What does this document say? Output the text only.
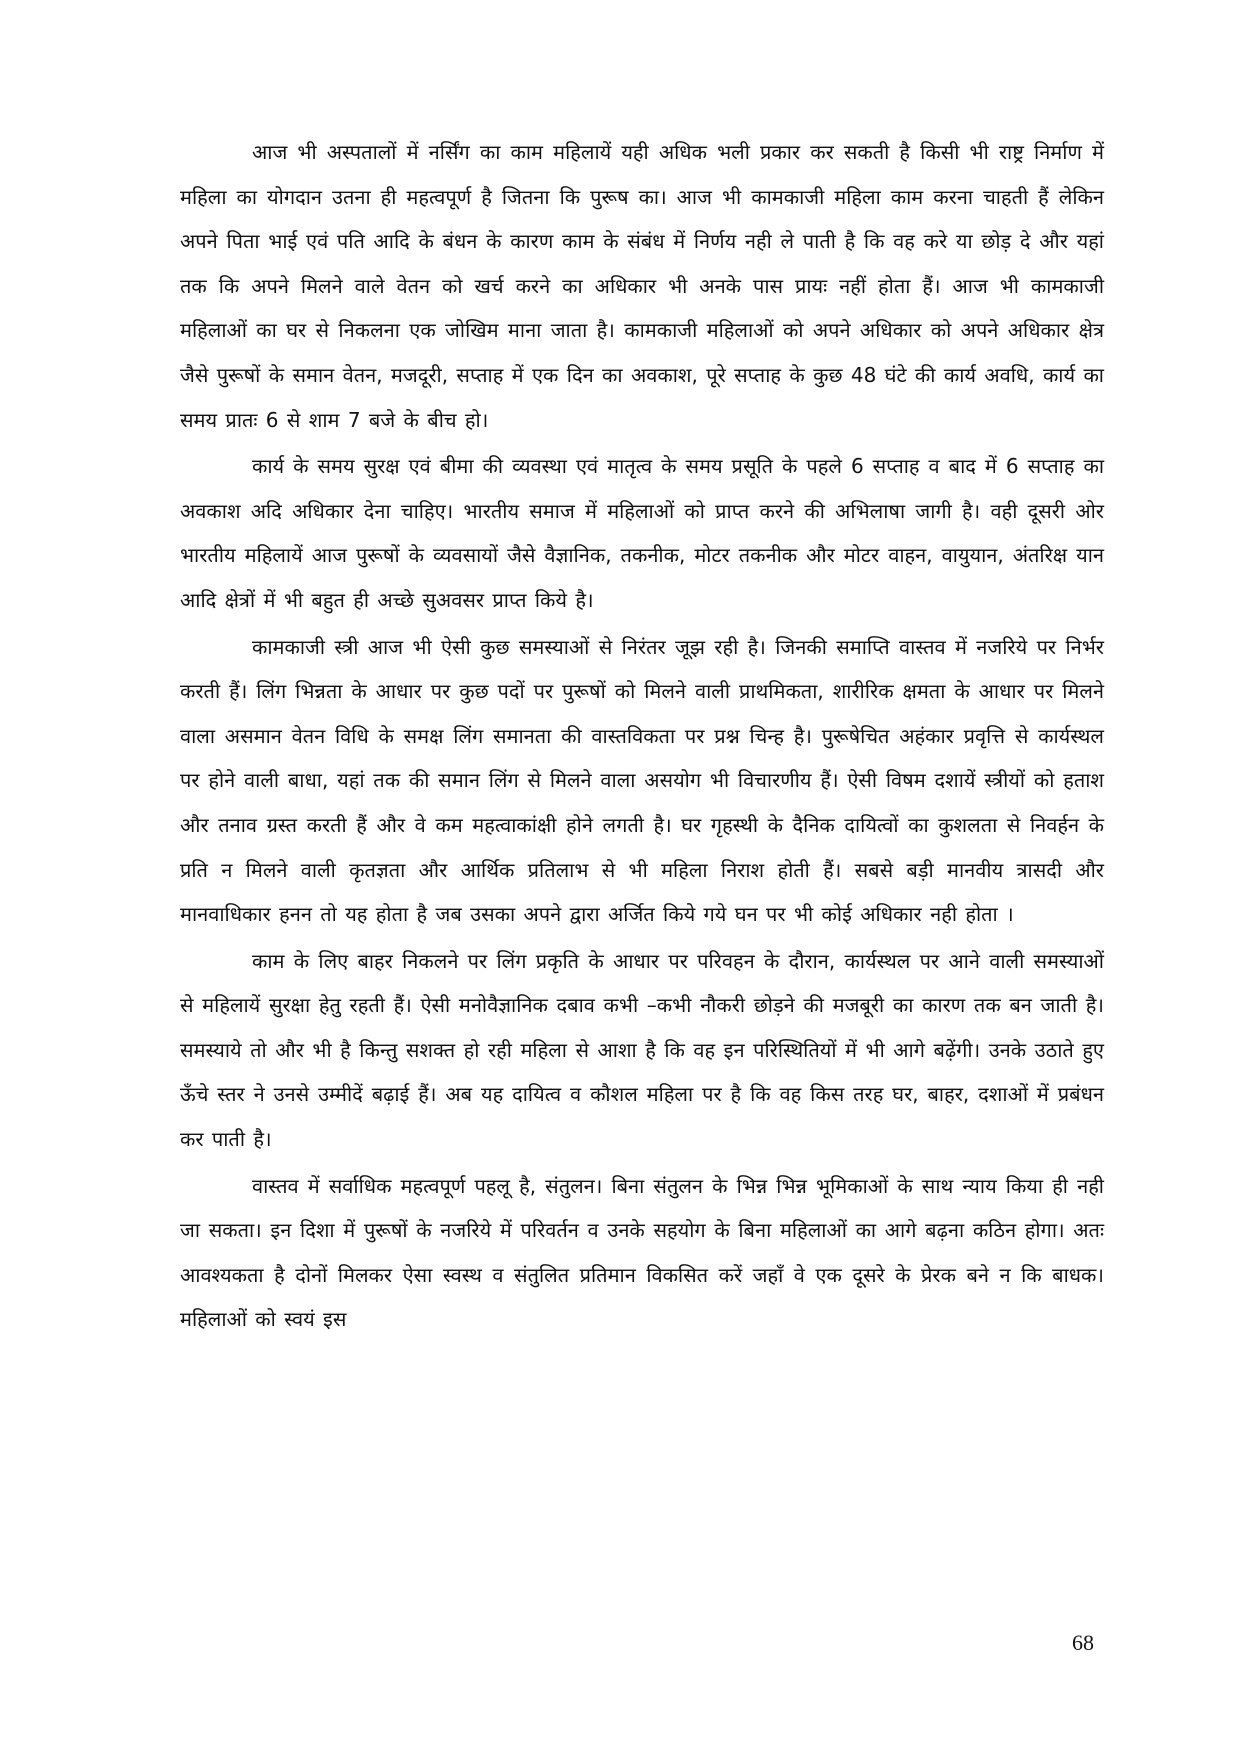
आज भी अस्पतालों में नर्सिंग का काम महिलायें यही अधिक भली प्रकार कर सकती है किसी भी राष्ट्र निर्माण में महिला का योगदान उतना ही महत्वपूर्ण है जितना कि पुरूष का। आज भी कामकाजी महिला काम करना चाहती हैं लेकिन अपने पिता भाई एवं पति आदि के बंधन के कारण काम के संबंध में निर्णय नही ले पाती है कि वह करे या छोड़ दे और यहां तक कि अपने मिलने वाले वेतन को खर्च करने का अधिकार भी अनके पास प्रायः नहीं होता हैं। आज भी कामकाजी महिलाओं का घर से निकलना एक जोखिम माना जाता है। कामकाजी महिलाओं को अपने अधिकार को अपने अधिकार क्षेत्र जैसे पुरूषों के समान वेतन, मजदूरी, सप्ताह में एक दिन का अवकाश, पूरे सप्ताह के कुछ 48 घंटे की कार्य अवधि, कार्य का समय प्रातः 6 से शाम 7 बजे के बीच हो।

कार्य के समय सुरक्ष एवं बीमा की व्यवस्था एवं मातृत्व के समय प्रसूति के पहले 6 सप्ताह व बाद में 6 सप्ताह का अवकाश अदि अधिकार देना चाहिए। भारतीय समाज में महिलाओं को प्राप्त करने की अभिलाषा जागी है। वही दूसरी ओर भारतीय महिलायें आज पुरूषों के व्यवसायों जैसे वैज्ञानिक, तकनीक, मोटर तकनीक और मोटर वाहन, वायुयान, अंतरिक्ष यान आदि क्षेत्रों में भी बहुत ही अच्छे सुअवसर प्राप्त किये है।

कामकाजी स्त्री आज भी ऐसी कुछ समस्याओं से निरंतर जूझ रही है। जिनकी समाप्ति वास्तव में नजरिये पर निर्भर करती हैं। लिंग भिन्नता के आधार पर कुछ पदों पर पुरूषों को मिलने वाली प्राथमिकता, शारीरिक क्षमता के आधार पर मिलने वाला असमान वेतन विधि के समक्ष लिंग समानता की वास्तविकता पर प्रश्न चिन्ह है। पुरूषेचित अहंकार प्रवृत्ति से कार्यस्थल पर होने वाली बाधा, यहां तक की समान लिंग से मिलने वाला असयोग भी विचारणीय हैं। ऐसी विषम दशायें स्त्रीयों को हताश और तनाव ग्रस्त करती हैं और वे कम महत्वाकांक्षी होने लगती है। घर गृहस्थी के दैनिक दायित्वों का कुशलता से निवर्हन के प्रति न मिलने वाली कृतज्ञता और आर्थिक प्रतिलाभ से भी महिला निराश होती हैं। सबसे बड़ी मानवीय त्रासदी और मानवाधिकार हनन तो यह होता है जब उसका अपने द्वारा अर्जित किये गये घन पर भी कोई अधिकार नही होता ।

काम के लिए बाहर निकलने पर लिंग प्रकृति के आधार पर परिवहन के दौरान, कार्यस्थल पर आने वाली समस्याओं से महिलायें सुरक्षा हेतु रहती हैं। ऐसी मनोवैज्ञानिक दबाव कभी –कभी नौकरी छोड़ने की मजबूरी का कारण तक बन जाती है। समस्याये तो और भी है किन्तु सशक्त हो रही महिला से आशा है कि वह इन परिस्थितियों में भी आगे बढ़ेंगी। उनके उठाते हुए ऊँचे स्तर ने उनसे उम्मीदें बढ़ाई हैं। अब यह दायित्व व कौशल महिला पर है कि वह किस तरह घर, बाहर, दशाओं में प्रबंधन कर पाती है।

वास्तव में सर्वाधिक महत्वपूर्ण पहलू है, संतुलन। बिना संतुलन के भिन्न भिन्न भूमिकाओं के साथ न्याय किया ही नही जा सकता। इन दिशा में पुरूषों के नजरिये में परिवर्तन व उनके सहयोग के बिना महिलाओं का आगे बढ़ना कठिन होगा। अतः आवश्यकता है दोनों मिलकर ऐसा स्वस्थ व संतुलित प्रतिमान विकसित करें जहाँ वे एक दूसरे के प्रेरक बने न कि बाधक। महिलाओं को स्वयं इस

68
